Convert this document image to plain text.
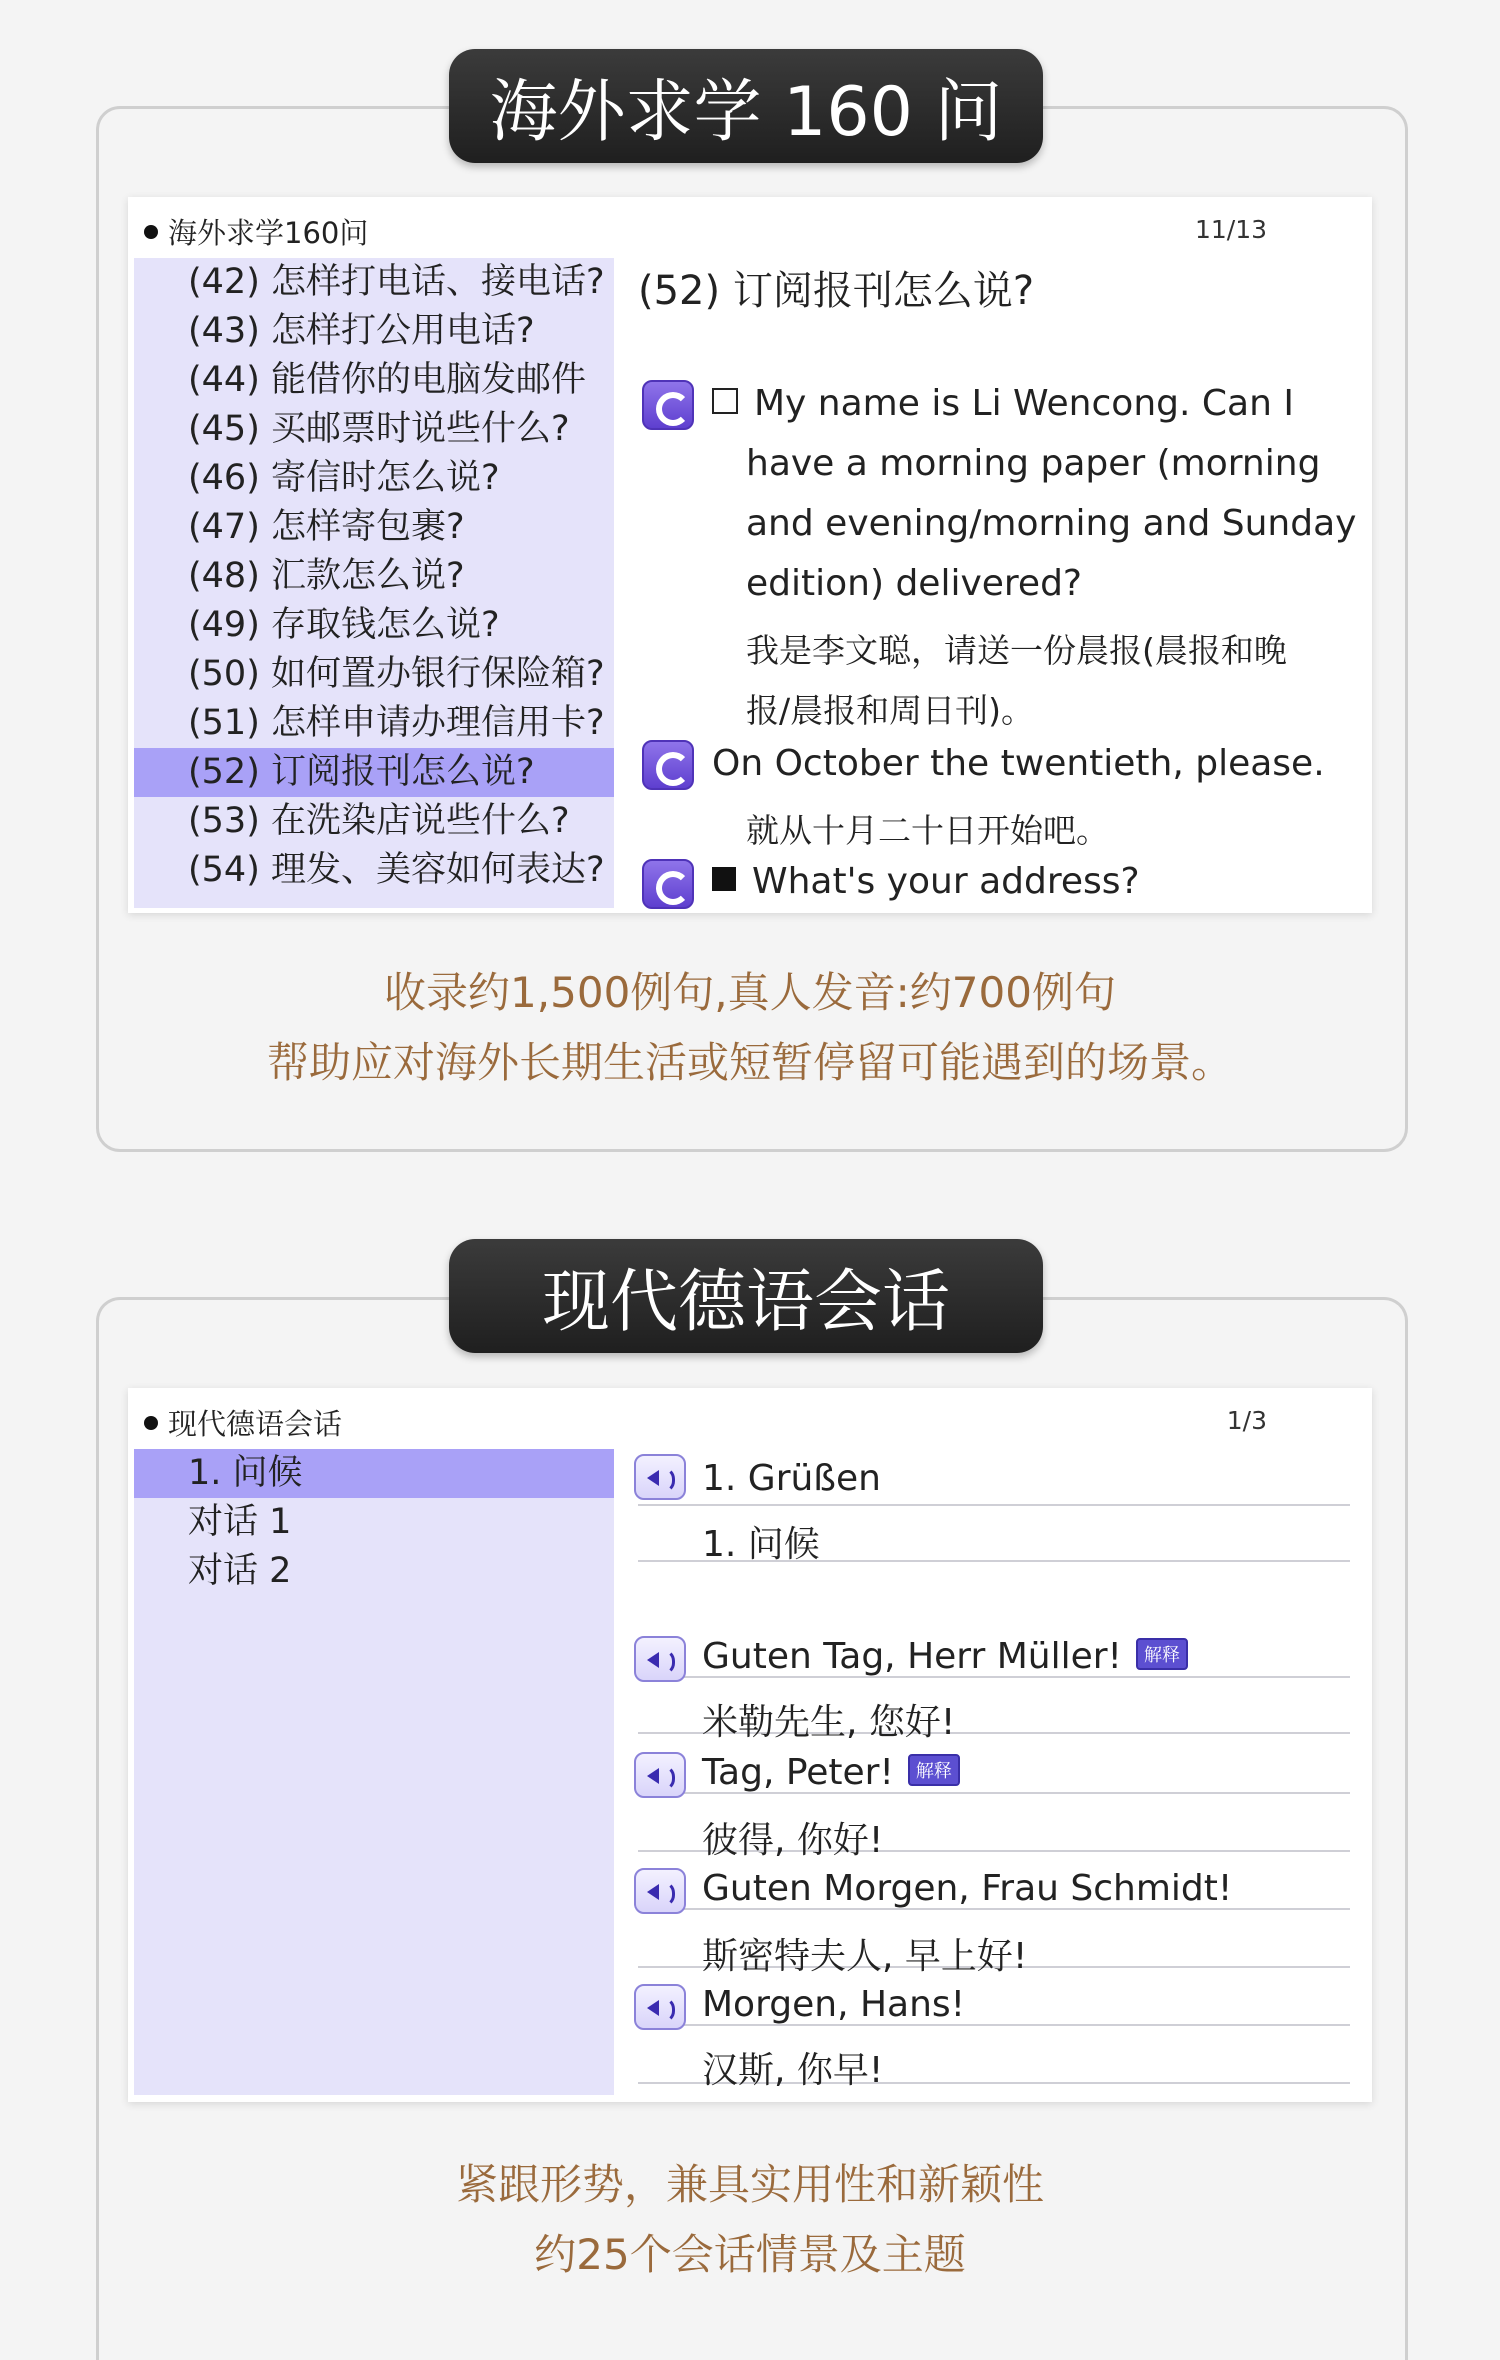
海外求学 160 问
海外求学160问	11/13
(42) 怎样打电话、接电话?
(43) 怎样打公用电话?
(44) 能借你的电脑发邮件
(45) 买邮票时说些什么?
(46) 寄信时怎么说?
(47) 怎样寄包裹?
(48) 汇款怎么说?
(49) 存取钱怎么说?
(50) 如何置办银行保险箱?
(51) 怎样申请办理信用卡?
(52) 订阅报刊怎么说?
(53) 在洗染店说些什么?
(54) 理发、美容如何表达?
(52) 订阅报刊怎么说?
My name is Li Wencong. Can I
have a morning paper (morning
and evening/morning and Sunday
edition) delivered?
我是李文聪，请送一份晨报(晨报和晚
报/晨报和周日刊)。
On October the twentieth, please.
就从十月二十日开始吧。
What's your address?
收录约1,500例句,真人发音:约700例句
帮助应对海外长期生活或短暂停留可能遇到的场景。
现代德语会话
现代德语会话	1/3
1. 问候
对话 1
对话 2
1. Grüßen
1. 问候
Guten Tag, Herr Müller! 解释
米勒先生, 您好!
Tag, Peter! 解释
彼得, 你好!
Guten Morgen, Frau Schmidt!
斯密特夫人, 早上好!
Morgen, Hans!
汉斯, 你早!
紧跟形势，兼具实用性和新颖性
约25个会话情景及主题
